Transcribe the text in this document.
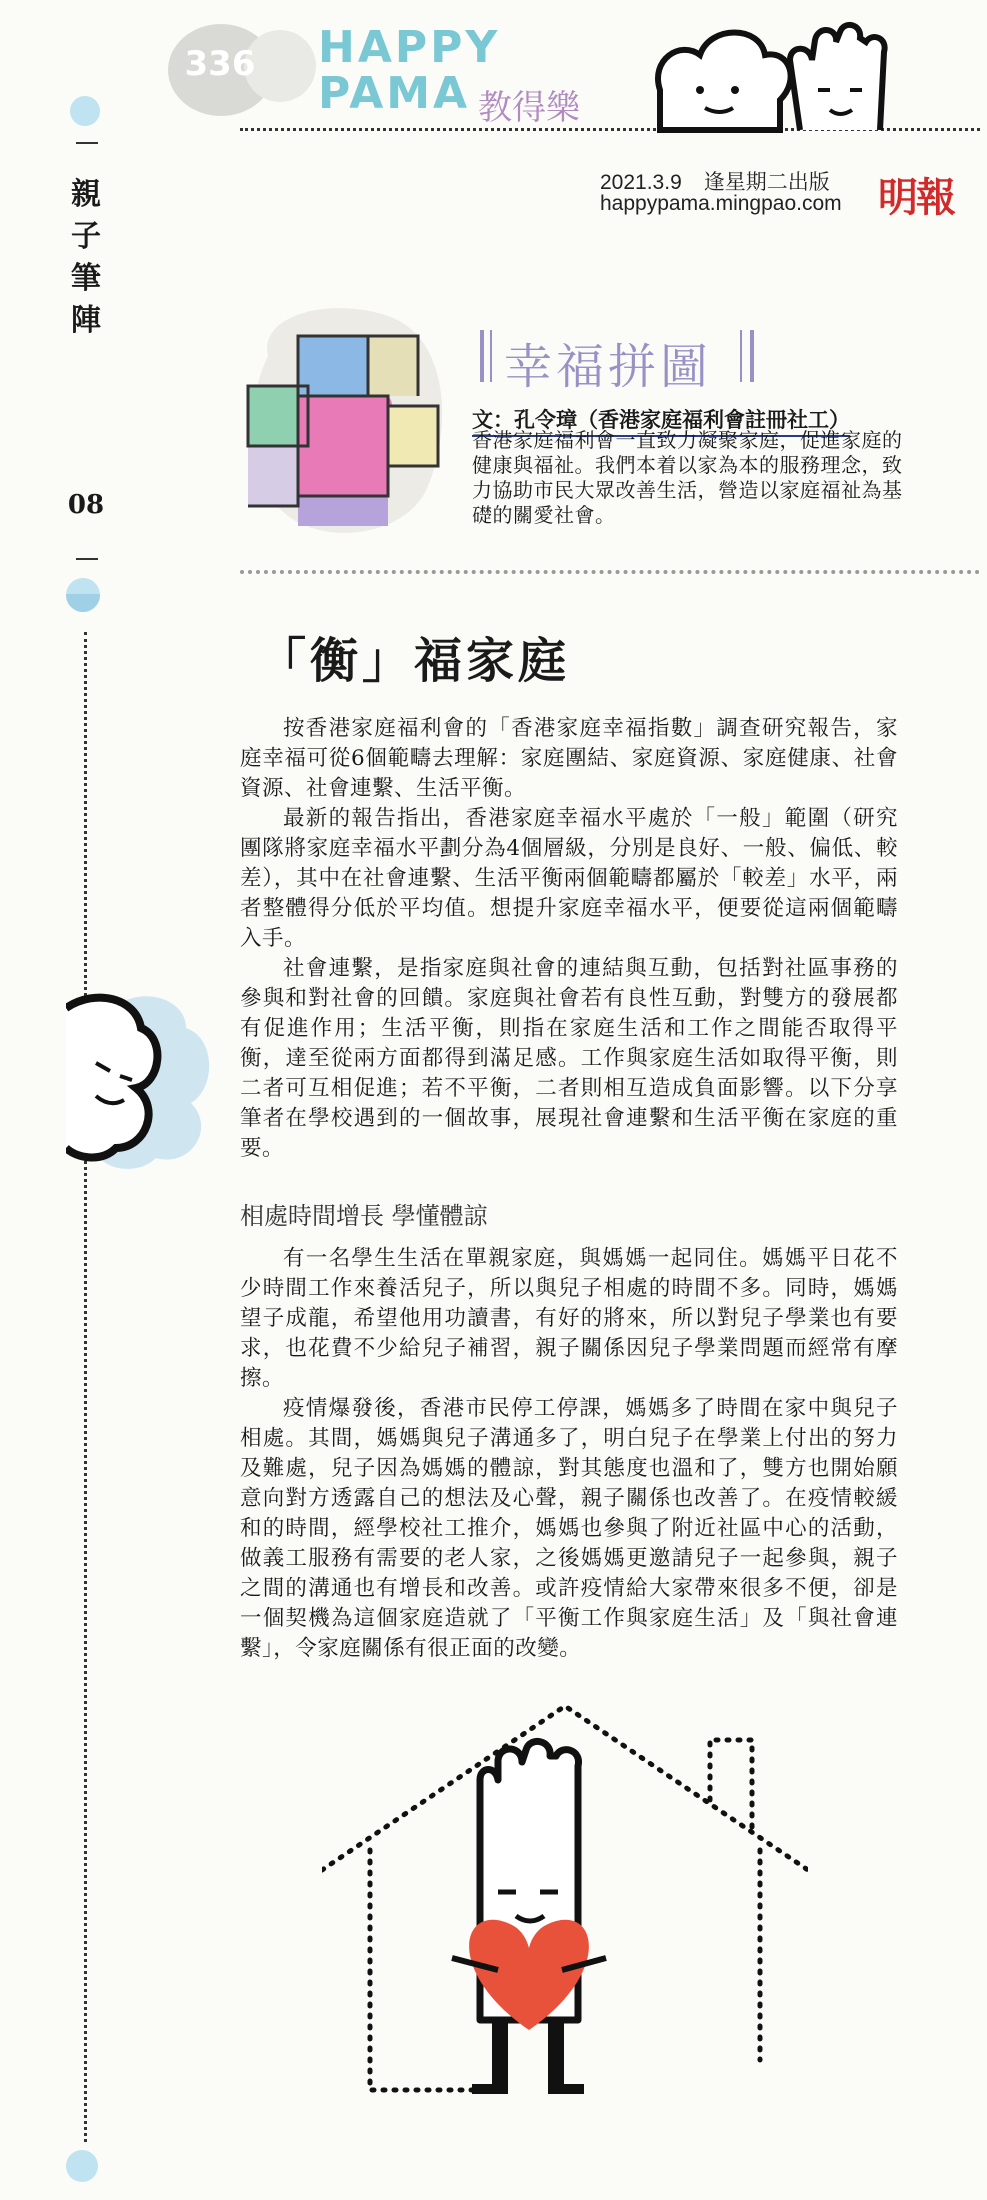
親子筆陣
08
336	HAPPY
PAMA 教得樂
2021.3.9 逢星期二出版
happypama.mingpao.com 明報
幸福拼圖
文：孔令璋（香港家庭福利會註冊社工）
香港家庭福利會一直致力凝聚家庭，促進家庭的健康與福祉。我們本着以家為本的服務理念，致力協助市民大眾改善生活，營造以家庭福祉為基礎的關愛社會。
「衡」福家庭

按香港家庭福利會的「香港家庭幸福指數」調查研究報告，家庭幸福可從6個範疇去理解：家庭團結、家庭資源、家庭健康、社會資源、社會連繫、生活平衡。

最新的報告指出，香港家庭幸福水平處於「一般」範圍（研究團隊將家庭幸福水平劃分為4個層級，分別是良好、一般、偏低、較差），其中在社會連繫、生活平衡兩個範疇都屬於「較差」水平，兩者整體得分低於平均值。想提升家庭幸福水平，便要從這兩個範疇入手。

社會連繫，是指家庭與社會的連結與互動，包括對社區事務的參與和對社會的回饋。家庭與社會若有良性互動，對雙方的發展都有促進作用；生活平衡，則指在家庭生活和工作之間能否取得平衡，達至從兩方面都得到滿足感。工作與家庭生活如取得平衡，則二者可互相促進；若不平衡，二者則相互造成負面影響。以下分享筆者在學校遇到的一個故事，展現社會連繫和生活平衡在家庭的重要。

相處時間增長 學懂體諒

有一名學生生活在單親家庭，與媽媽一起同住。媽媽平日花不少時間工作來養活兒子，所以與兒子相處的時間不多。同時，媽媽望子成龍，希望他用功讀書，有好的將來，所以對兒子學業也有要求，也花費不少給兒子補習，親子關係因兒子學業問題而經常有摩擦。

疫情爆發後，香港市民停工停課，媽媽多了時間在家中與兒子相處。其間，媽媽與兒子溝通多了，明白兒子在學業上付出的努力及難處，兒子因為媽媽的體諒，對其態度也溫和了，雙方也開始願意向對方透露自己的想法及心聲，親子關係也改善了。在疫情較緩和的時間，經學校社工推介，媽媽也參與了附近社區中心的活動，做義工服務有需要的老人家，之後媽媽更邀請兒子一起參與，親子之間的溝通也有增長和改善。或許疫情給大家帶來很多不便，卻是一個契機為這個家庭造就了「平衡工作與家庭生活」及「與社會連繫」，令家庭關係有很正面的改變。
